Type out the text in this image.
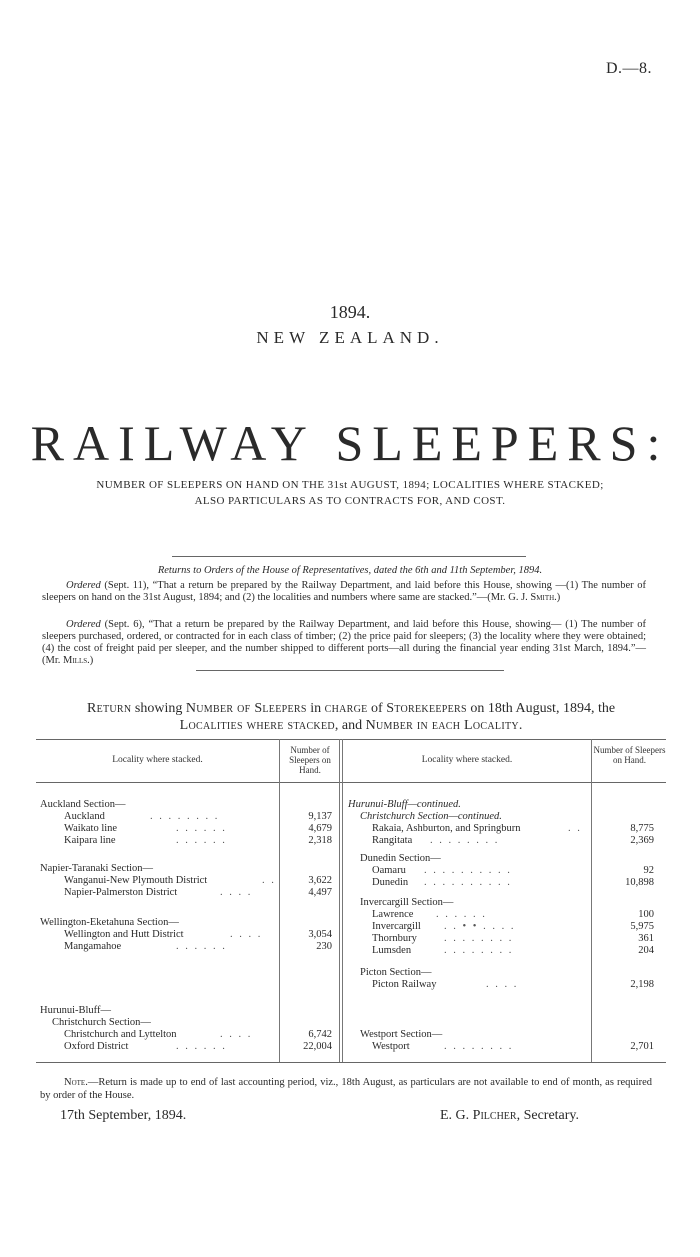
D.—8.
1894.
NEW ZEALAND.
RAILWAY SLEEPERS:
NUMBER OF SLEEPERS ON HAND ON THE 31st AUGUST, 1894; LOCALITIES WHERE STACKED;
ALSO PARTICULARS AS TO CONTRACTS FOR, AND COST.
Returns to Orders of the House of Representatives, dated the 6th and 11th September, 1894.
Ordered (Sept. 11), “That a return be prepared by the Railway Department, and laid before this House, showing —(1) The number of sleepers on hand on the 31st August, 1894; and (2) the localities and numbers where same are stacked.”—(Mr. G. J. Smith.)
Ordered (Sept. 6), “That a return be prepared by the Railway Department, and laid before this House, showing— (1) The number of sleepers purchased, ordered, or contracted for in each class of timber; (2) the price paid for sleepers; (3) the locality where they were obtained; (4) the cost of freight paid per sleeper, and the number shipped to different ports—all during the financial year ending 31st March, 1894.”—(Mr. Mills.)
Return showing Number of Sleepers in charge of Storekeepers on 18th August, 1894, the
Localities where stacked, and Number in each Locality.
Locality where stacked.
Number of Sleepers on Hand.
Locality where stacked.
Number of Sleepers on Hand.
Auckland Section—
Auckland	. . . . . . . .	9,137
Waikato line	. . . . . .	4,679
Kaipara line	. . . . . .	2,318
Napier-Taranaki Section—
Wanganui-New Plymouth District	. .	3,622
Napier-Palmerston District	. . . .	4,497
Wellington-Eketahuna Section—
Wellington and Hutt District	. . . .	3,054
Mangamahoe	. . . . . .	230
Hurunui-Bluff—
Christchurch Section—
Christchurch and Lyttelton	. . . .	6,742
Oxford District	. . . . . .	22,004
Hurunui-Bluff—continued.
Christchurch Section—continued.
Rakaia, Ashburton, and Springburn	. .	8,775
Rangitata . . . . . . . .	2,369
Dunedin Section—
Oamaru . . . . . . . . . .	92
Dunedin . . . . . . . . . .	10,898
Invercargill Section—
Lawrence . . . . . .	100
Invercargill . . • • . . . .	5,975
Thornbury	. . . . . . . .	361
Lumsden	. . . . . . . .	204
Picton Section—
Picton Railway	. . . .	2,198
Westport Section—
Westport	. . . . . . . .	2,701
Note.—Return is made up to end of last accounting period, viz., 18th August, as particulars are not available to end of month, as required by order of the House.
17th September, 1894.	E. G. Pilcher, Secretary.
